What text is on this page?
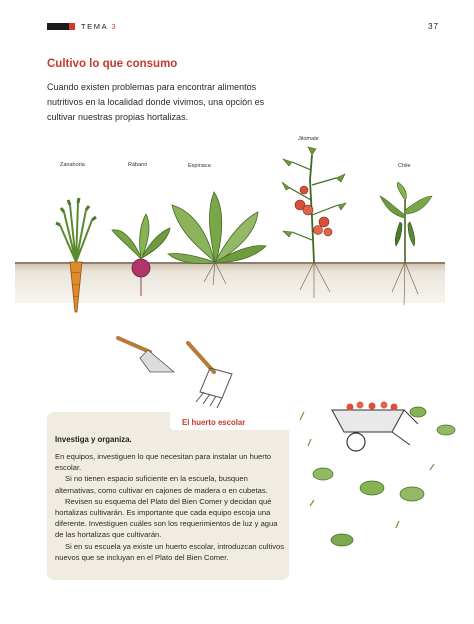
TEMA 3	37
Cultivo lo que consumo
Cuando existen problemas para encontrar alimentos nutritivos en la localidad donde vivimos, una opción es cultivar nuestras propias hortalizas.
Zanahoria	Rábano	Espinaca
Jitomate
Chile
El huerto escolar
Investiga y organiza.

En equipos, investiguen lo que necesitan para instalar un huerto escolar.

Si no tienen espacio suficiente en la escuela, busquen alternativas, como cultivar en cajones de madera o en cubetas.

Revisen su esquema del Plato del Bien Comer y decidan qué hortalizas cultivarán. Es importante que cada equipo escoja una diferente. Investiguen cuáles son los requerimientos de luz y agua de las hortalizas que cultivarán.

Si en su escuela ya existe un huerto escolar, introduzcan cultivos nuevos que se incluyan en el Plato del Bien Comer.
